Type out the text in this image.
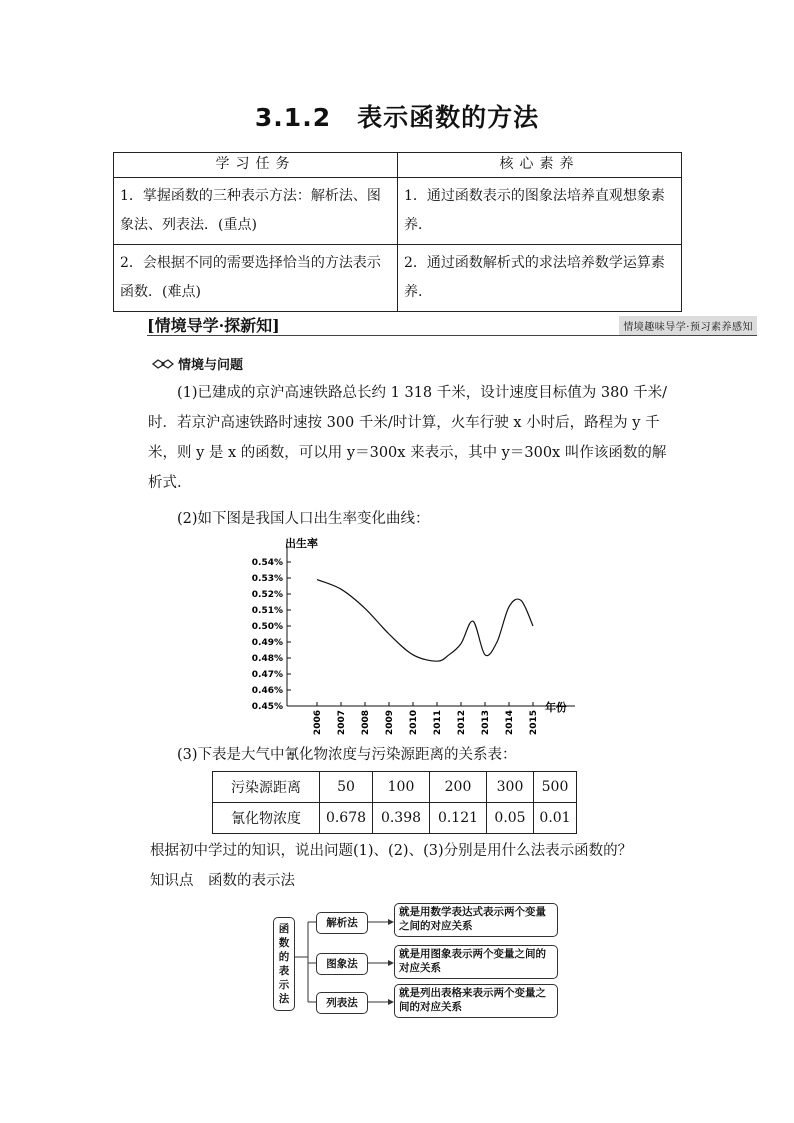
3.1.2　表示函数的方法
学习任务	核心素养
1．掌握函数的三种表示方法：解析法、图象法、列表法．(重点)	1．通过函数表示的图象法培养直观想象素养．
2．会根据不同的需要选择恰当的方法表示函数．(难点)	2．通过函数解析式的求法培养数学运算素养.
[情境导学·探新知]	情境趣味导学·预习素养感知
情境与问题
(1)已建成的京沪高速铁路总长约 1 318 千米，设计速度目标值为 380 千米/时．若京沪高速铁路时速按 300 千米/时计算，火车行驶 x 小时后，路程为 y 千米，则 y 是 x 的函数，可以用 y＝300x 来表示，其中 y＝300x 叫作该函数的解析式.
(2)如下图是我国人口出生率变化曲线：
0.45%
0.46%
0.47%
0.48%
0.49%
0.50%
0.51%
0.52%
0.53%
0.54%
2006 2007 2008 2009 2010 2011 2012 2013 2014 2015
出生率
年份
(3)下表是大气中氰化物浓度与污染源距离的关系表：
污染源距离	50	100	200	300	500
氰化物浓度	0.678	0.398	0.121	0.05	0.01
根据初中学过的知识，说出问题(1)、(2)、(3)分别是用什么法表示函数的？
知识点　函数的表示法
函数的表示法
解析法
图象法
列表法
就是用数学表达式表示两个变量之间的对应关系
就是用图象表示两个变量之间的对应关系
就是列出表格来表示两个变量之间的对应关系
